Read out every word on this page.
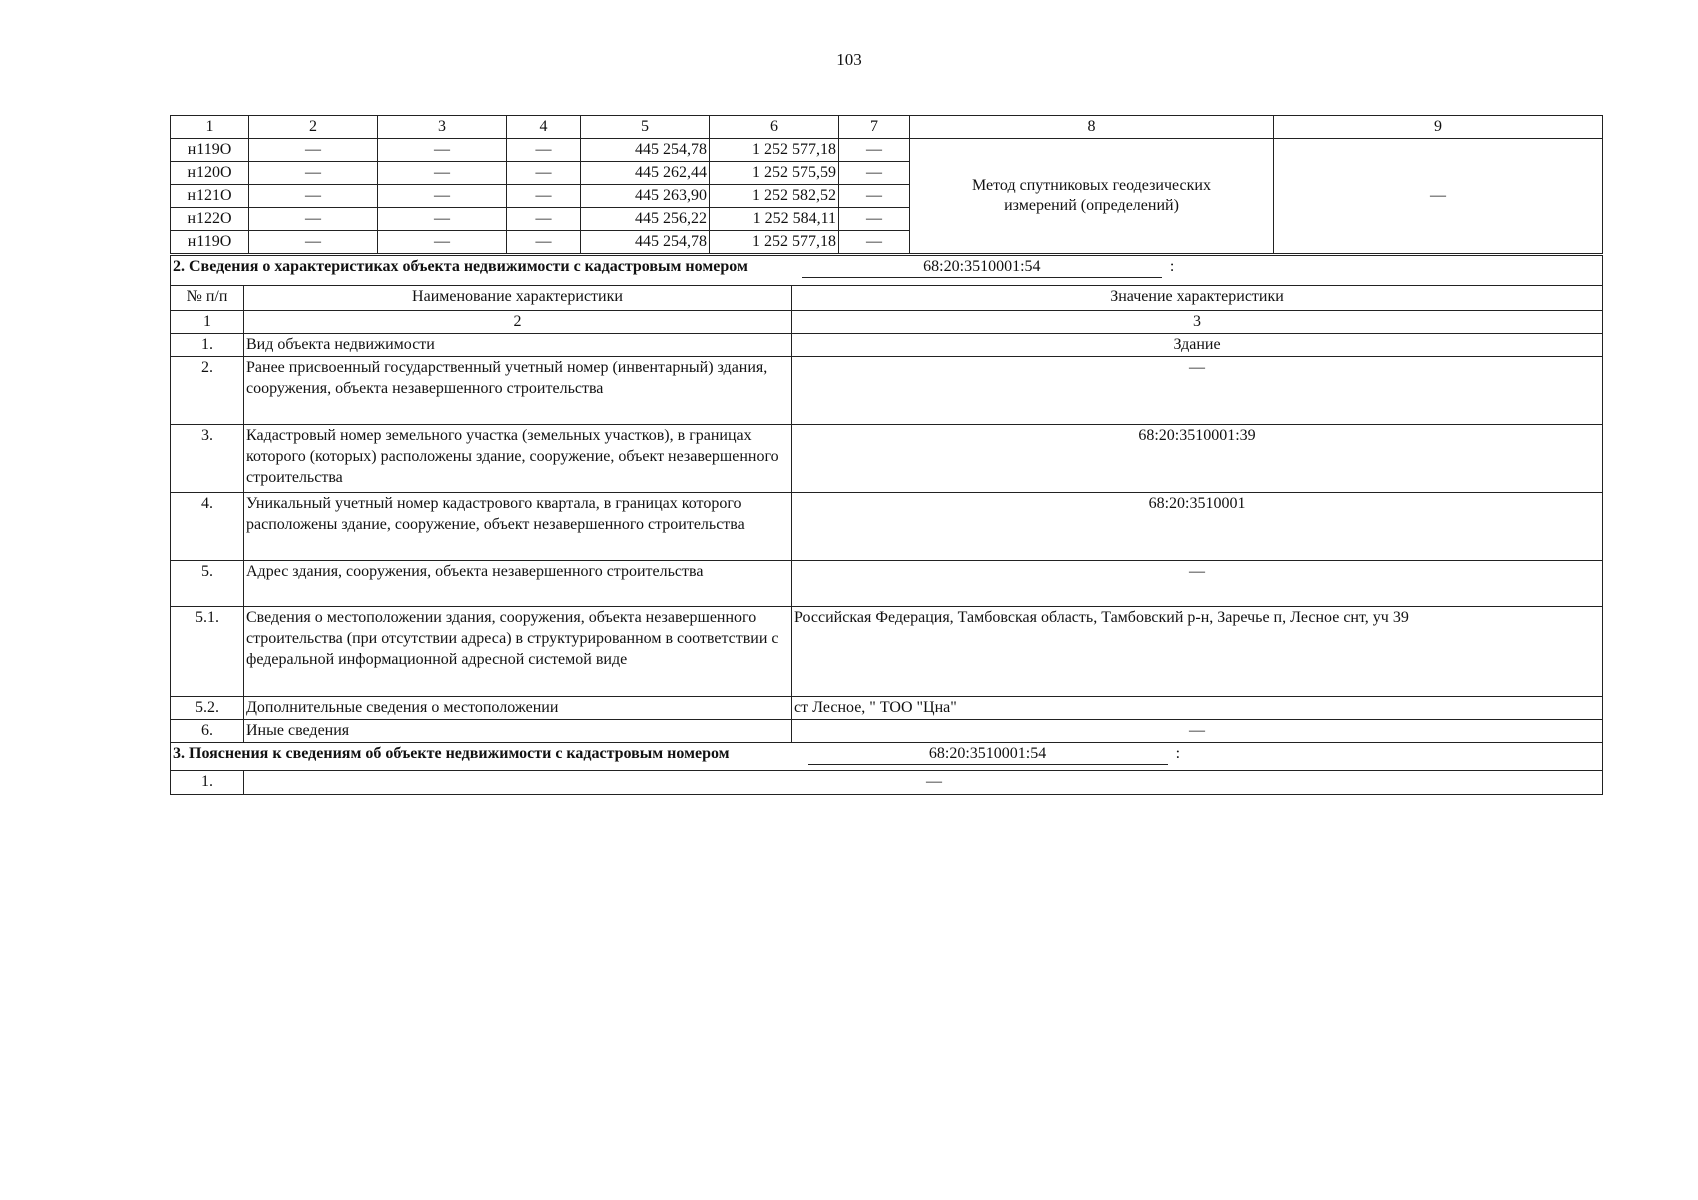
103
1	2	3	4	5	6	7	8	9
н119О	—	—	—	445 254,78	1 252 577,18	—	Метод спутниковых геодезических измерений (определений)	—
н120О	—	—	—	445 262,44	1 252 575,59	—		
н121О	—	—	—	445 263,90	1 252 582,52	—		
н122О	—	—	—	445 256,22	1 252 584,11	—		
н119О	—	—	—	445 254,78	1 252 577,18	—		
2. Сведения о характеристиках объекта недвижимости с кадастровым номером 68:20:3510001:54 :		
№ п/п	Наименование характеристики	Значение характеристики
1	2	3
1.	Вид объекта недвижимости	Здание
2.	Ранее присвоенный государственный учетный номер (инвентарный) здания, сооружения, объекта незавершенного строительства	—
3.	Кадастровый номер земельного участка (земельных участков), в границах которого (которых) расположены здание, сооружение, объект незавершенного строительства	68:20:3510001:39
4.	Уникальный учетный номер кадастрового квартала, в границах которого расположены здание, сооружение, объект незавершенного строительства	68:20:3510001
5.	Адрес здания, сооружения, объекта незавершенного строительства	—
5.1.	Сведения о местоположении здания, сооружения, объекта незавершенного строительства (при отсутствии адреса) в структурированном в соответствии с федеральной информационной адресной системой виде	Российская Федерация, Тамбовская область, Тамбовский р-н, Заречье п, Лесное снт, уч 39
5.2.	Дополнительные сведения о местоположении	ст Лесное, " ТОО "Цна"
6.	Иные сведения	—
3. Пояснения к сведениям об объекте недвижимости с кадастровым номером 68:20:3510001:54 :		
1.	—	
